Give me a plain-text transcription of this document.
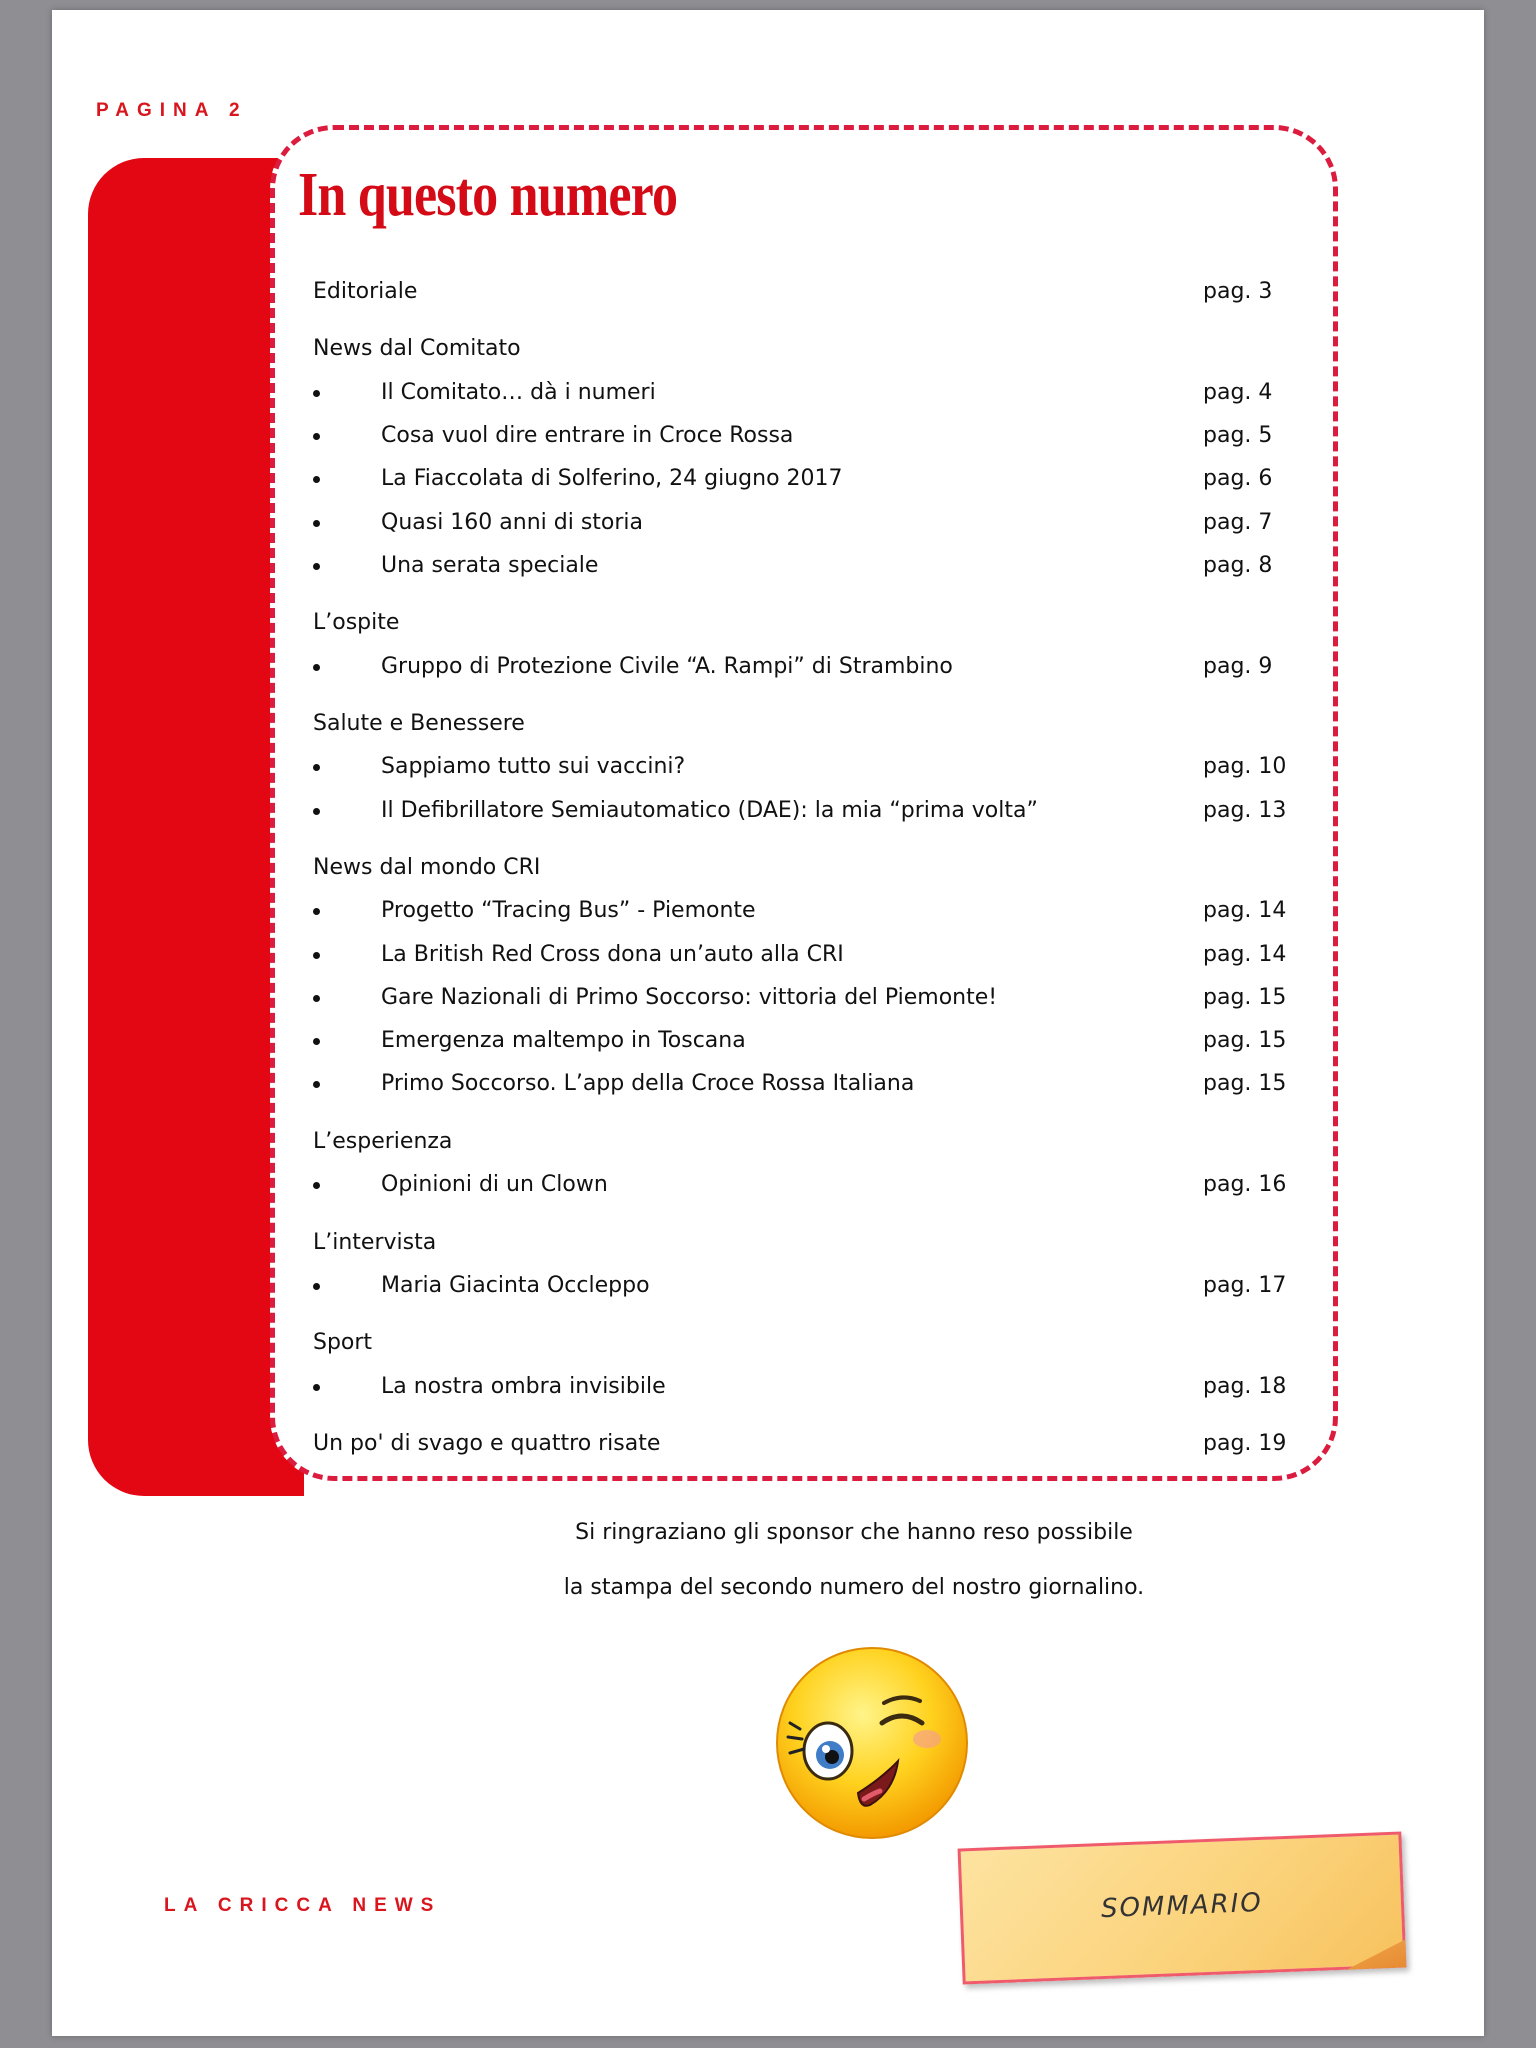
PAGINA 2
In questo numero
Editoriale	pag. 3
News dal Comitato
Il Comitato… dà i numeri	pag. 4
Cosa vuol dire entrare in Croce Rossa	pag. 5
La Fiaccolata di Solferino, 24 giugno 2017	pag. 6
Quasi 160 anni di storia	pag. 7
Una serata speciale	pag. 8
L’ospite
Gruppo di Protezione Civile “A. Rampi” di Strambino	pag. 9
Salute e Benessere
Sappiamo tutto sui vaccini?	pag. 10
Il Defibrillatore Semiautomatico (DAE): la mia “prima volta”	pag. 13
News dal mondo CRI
Progetto “Tracing Bus” - Piemonte	pag. 14
La British Red Cross dona un’auto alla CRI	pag. 14
Gare Nazionali di Primo Soccorso: vittoria del Piemonte!	pag. 15
Emergenza maltempo in Toscana	pag. 15
Primo Soccorso. L’app della Croce Rossa Italiana	pag. 15
L’esperienza
Opinioni di un Clown	pag. 16
L’intervista
Maria Giacinta Occleppo	pag. 17
Sport
La nostra ombra invisibile	pag. 18
Un po' di svago e quattro risate	pag. 19
Si ringraziano gli sponsor che hanno reso possibile
la stampa del secondo numero del nostro giornalino.
LA CRICCA NEWS	SOMMARIO
